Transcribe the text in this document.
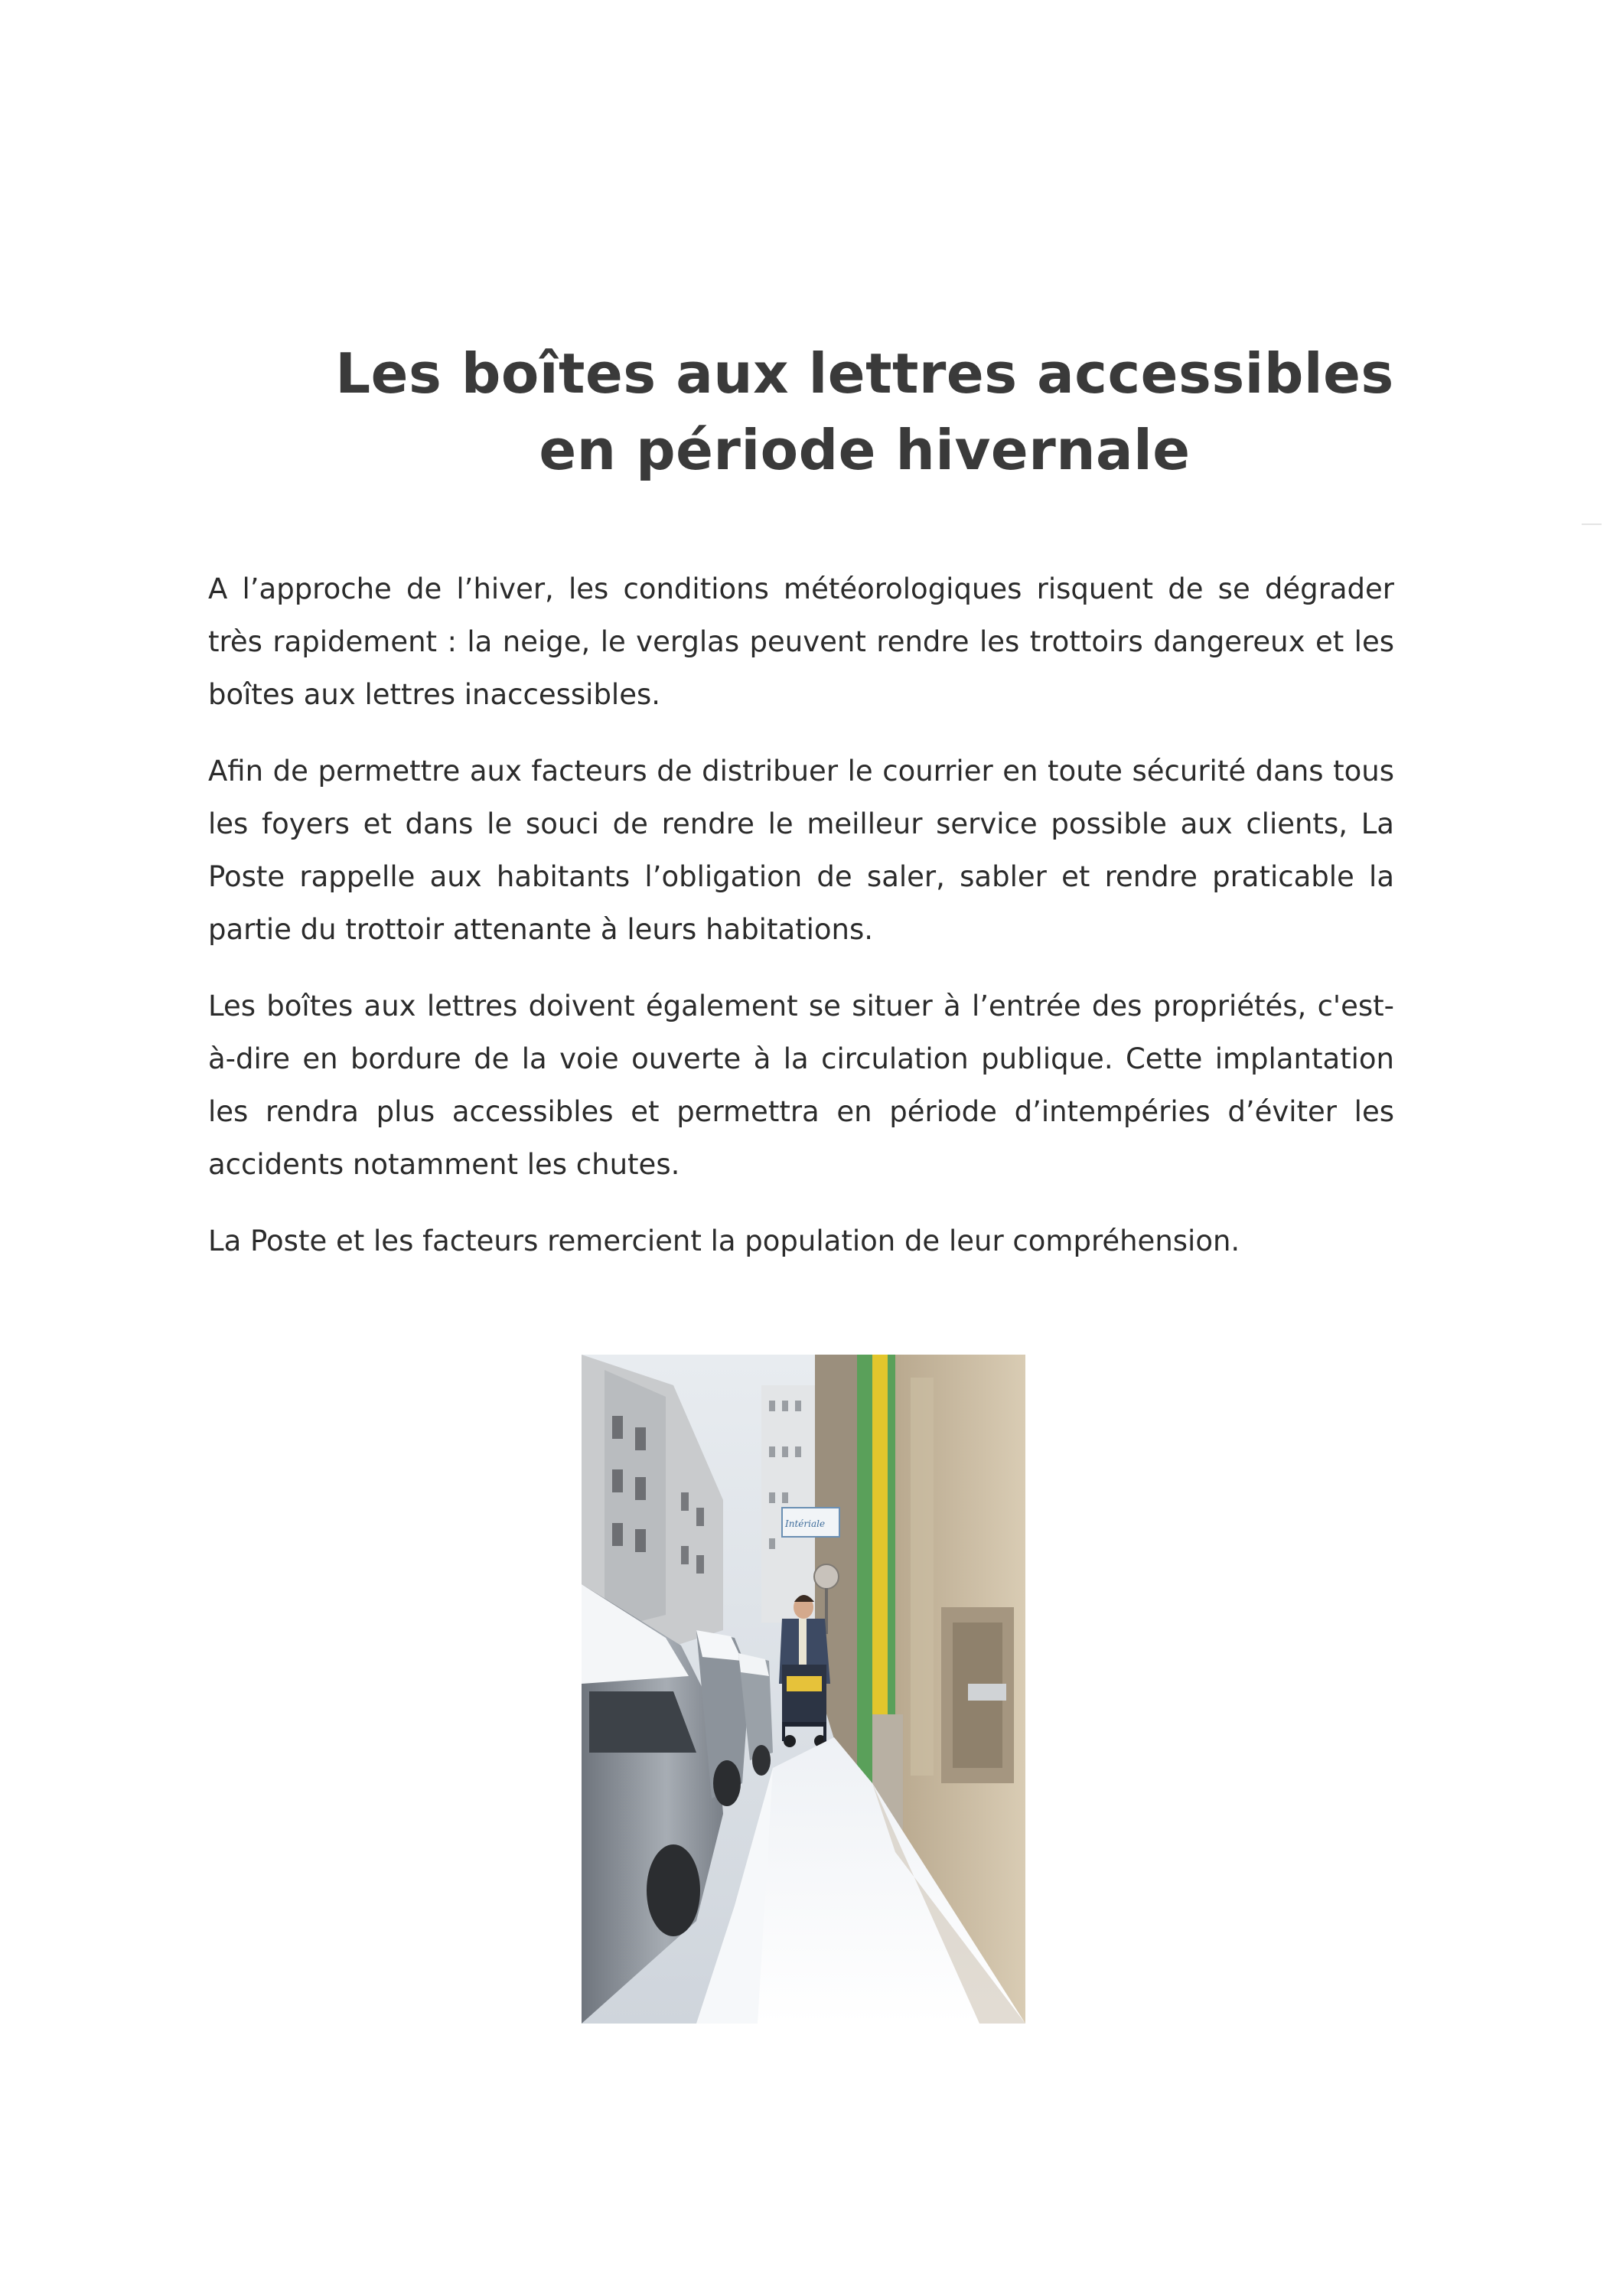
Les boîtes aux lettres accessibles
en période hivernale

A l’approche de l’hiver, les conditions météorologiques risquent de se dégrader très rapidement : la neige, le verglas peuvent rendre les trottoirs dangereux et les boîtes aux lettres inaccessibles.

Afin de permettre aux facteurs de distribuer le courrier en toute sécurité dans tous les foyers et dans le souci de rendre le meilleur service possible aux clients, La Poste rappelle aux habitants l’obligation de saler, sabler et rendre praticable la partie du trottoir attenante à leurs habitations.

Les boîtes aux lettres doivent également se situer à l’entrée des propriétés, c'est-à-dire en bordure de la voie ouverte à la circulation publique. Cette implantation les rendra plus accessibles et permettra en période d’intempéries d’éviter les accidents notamment les chutes.

La Poste et les facteurs remercient la population de leur compréhension.

Intériale
